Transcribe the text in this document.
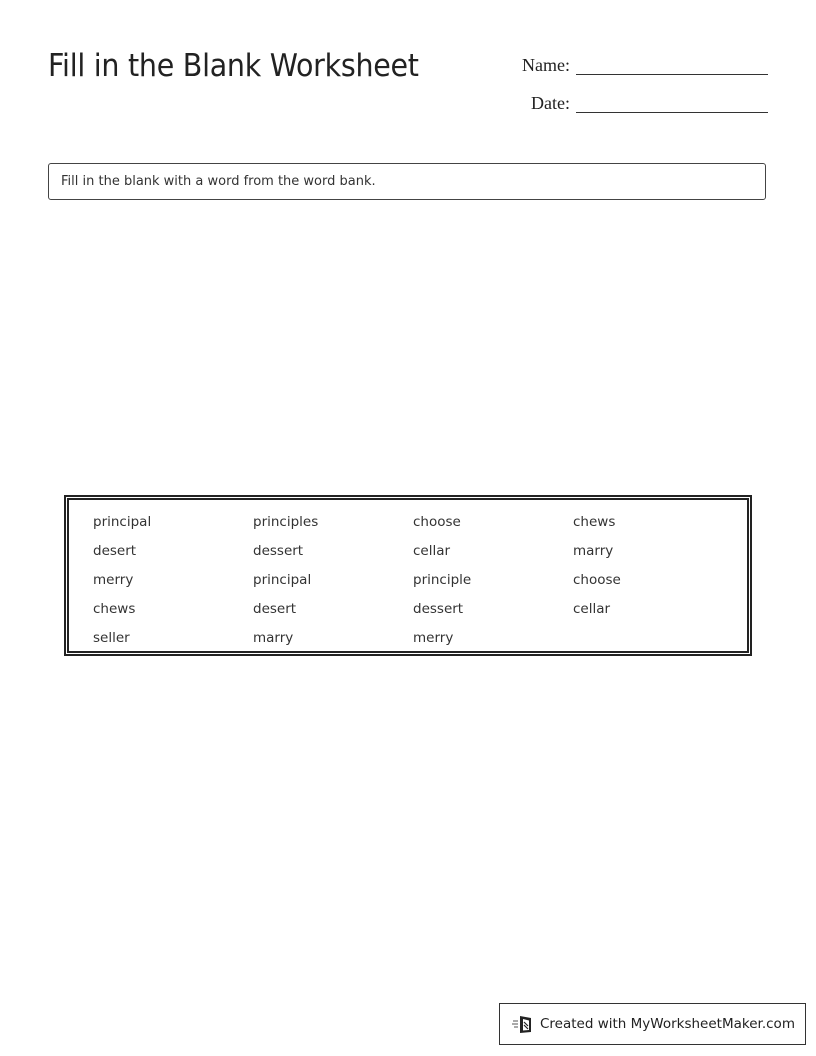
Fill in the Blank Worksheet	Name:
Date:
Fill in the blank with a word from the word bank.
principal	principles	choose	chews
desert	dessert	cellar	marry
merry	principal	principle	choose
chews	desert	dessert	cellar
seller	marry	merry
Created with MyWorksheetMaker.com
